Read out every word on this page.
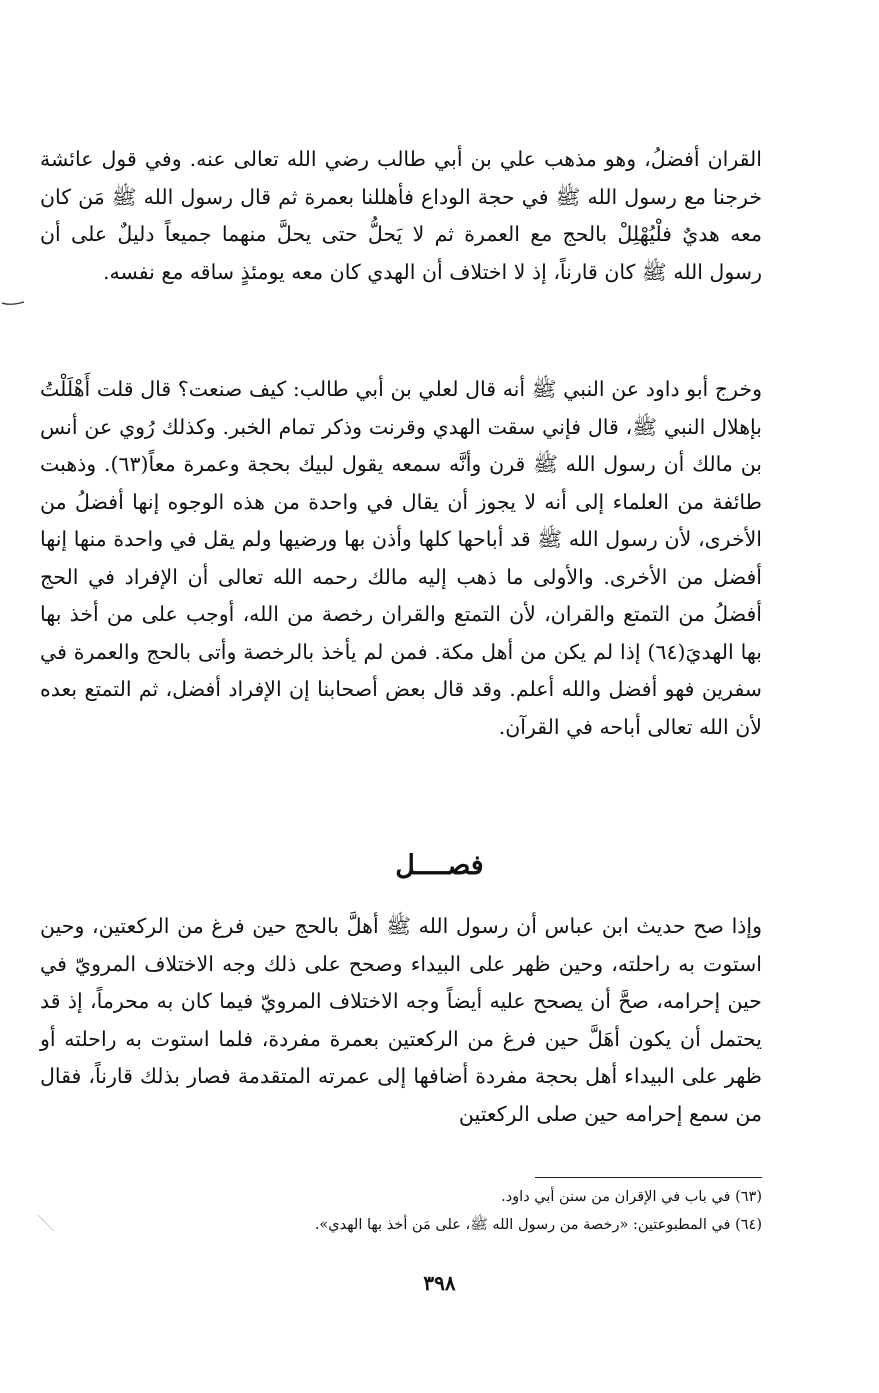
القران أفضلُ، وهو مذهب علي بن أبي طالب رضي الله تعالى عنه. وفي قول عائشة خرجنا مع رسول الله ﷺ في حجة الوداع فأهللنا بعمرة ثم قال رسول الله ﷺ مَن كان معه هديٌ فلْيُهْلِلْ بالحج مع العمرة ثم لا يَحلُّ حتى يحلَّ منهما جميعاً دليلٌ على أن رسول الله ﷺ كان قارناً، إذ لا اختلاف أن الهدي كان معه يومئذٍ ساقه مع نفسه.

وخرج أبو داود عن النبي ﷺ أنه قال لعلي بن أبي طالب: كيف صنعت؟ قال قلت أَهْلَلْتُ بإهلال النبي ﷺ، قال فإني سقت الهدي وقرنت وذكر تمام الخبر. وكذلك رُوي عن أنس بن مالك أن رسول الله ﷺ قرن وأنَّه سمعه يقول لبيك بحجة وعمرة معاً(٦٣). وذهبت طائفة من العلماء إلى أنه لا يجوز أن يقال في واحدة من هذه الوجوه إنها أفضلُ من الأخرى، لأن رسول الله ﷺ قد أباحها كلها وأذن بها ورضيها ولم يقل في واحدة منها إنها أفضل من الأخرى. والأولى ما ذهب إليه مالك رحمه الله تعالى أن الإفراد في الحج أفضلُ من التمتع والقران، لأن التمتع والقران رخصة من الله، أوجب على من أخذ بها بها الهديَ(٦٤) إذا لم يكن من أهل مكة. فمن لم يأخذ بالرخصة وأتى بالحج والعمرة في سفرين فهو أفضل والله أعلم. وقد قال بعض أصحابنا إن الإفراد أفضل، ثم التمتع بعده لأن الله تعالى أباحه في القرآن.

فصــــل

وإذا صح حديث ابن عباس أن رسول الله ﷺ أهلَّ بالحج حين فرغ من الركعتين، وحين استوت به راحلته، وحين ظهر على البيداء وصحح على ذلك وجه الاختلاف المرويّ في حين إحرامه، صحَّ أن يصحح عليه أيضاً وجه الاختلاف المرويّ فيما كان به محرماً، إذ قد يحتمل أن يكون أهَلَّ حين فرغ من الركعتين بعمرة مفردة، فلما استوت به راحلته أو ظهر على البيداء أهل بحجة مفردة أضافها إلى عمرته المتقدمة فصار بذلك قارناً، فقال من سمع إحرامه حين صلى الركعتين

(٦٣) في باب في الإقران من سنن أبي داود.
(٦٤) في المطبوعتين: «رخصة من رسول الله ﷺ، على مَن أخذ بها الهدي».
٣٩٨
